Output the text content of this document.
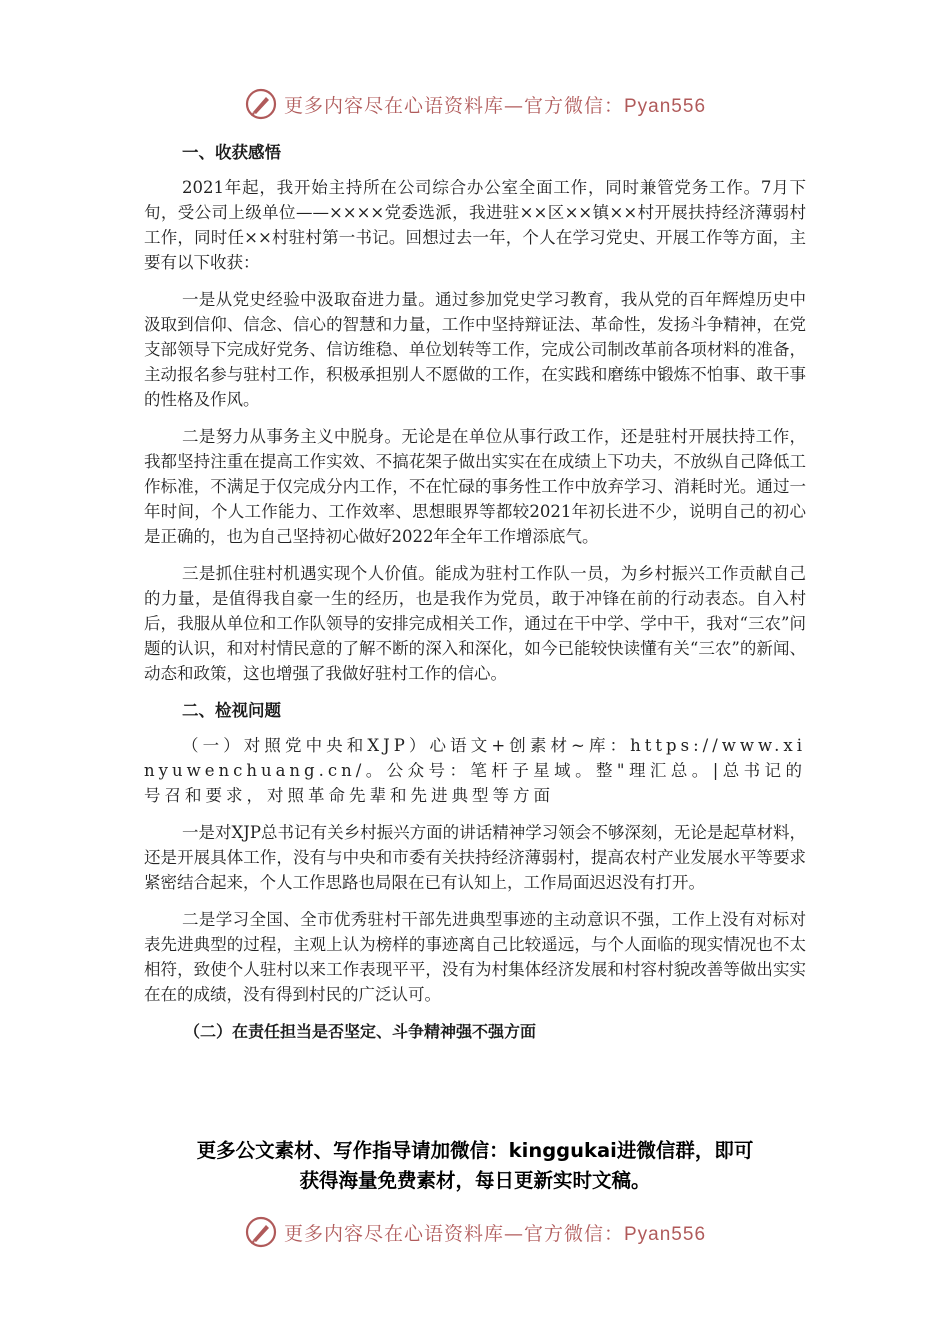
更多内容尽在心语资料库—官方微信：Pyan556

一、收获感悟

2021年起，我开始主持所在公司综合办公室全面工作，同时兼管党务工作。7月下旬，受公司上级单位——××××党委选派，我进驻××区××镇××村开展扶持经济薄弱村工作，同时任××村驻村第一书记。回想过去一年，个人在学习党史、开展工作等方面，主要有以下收获：

一是从党史经验中汲取奋进力量。通过参加党史学习教育，我从党的百年辉煌历史中汲取到信仰、信念、信心的智慧和力量，工作中坚持辩证法、革命性，发扬斗争精神，在党支部领导下完成好党务、信访维稳、单位划转等工作，完成公司制改革前各项材料的准备，主动报名参与驻村工作，积极承担别人不愿做的工作，在实践和磨练中锻炼不怕事、敢干事的性格及作风。

二是努力从事务主义中脱身。无论是在单位从事行政工作，还是驻村开展扶持工作，我都坚持注重在提高工作实效、不搞花架子做出实实在在成绩上下功夫，不放纵自己降低工作标准，不满足于仅完成分内工作，不在忙碌的事务性工作中放弃学习、消耗时光。通过一年时间，个人工作能力、工作效率、思想眼界等都较2021年初长进不少，说明自己的初心是正确的，也为自己坚持初心做好2022年全年工作增添底气。

三是抓住驻村机遇实现个人价值。能成为驻村工作队一员，为乡村振兴工作贡献自己的力量，是值得我自豪一生的经历，也是我作为党员，敢于冲锋在前的行动表态。自入村后，我服从单位和工作队领导的安排完成相关工作，通过在干中学、学中干，我对“三农”问题的认识，和对村情民意的了解不断的深入和深化，如今已能较快读懂有关“三农”的新闻、动态和政策，这也增强了我做好驻村工作的信心。

二、检视问题

（一）对照党中央和XJP）心语文+创素材~库：https://www.xinyuwenchuang.cn/。公众号：笔杆子星域。整"理汇总。|总书记的号召和要求，对照革命先辈和先进典型等方面

一是对XJP总书记有关乡村振兴方面的讲话精神学习领会不够深刻，无论是起草材料，还是开展具体工作，没有与中央和市委有关扶持经济薄弱村，提高农村产业发展水平等要求紧密结合起来，个人工作思路也局限在已有认知上，工作局面迟迟没有打开。

二是学习全国、全市优秀驻村干部先进典型事迹的主动意识不强，工作上没有对标对表先进典型的过程，主观上认为榜样的事迹离自己比较遥远，与个人面临的现实情况也不太相符，致使个人驻村以来工作表现平平，没有为村集体经济发展和村容村貌改善等做出实实在在的成绩，没有得到村民的广泛认可。

（二）在责任担当是否坚定、斗争精神强不强方面

更多公文素材、写作指导请加微信：kinggukai进微信群，即可
获得海量免费素材，每日更新实时文稿。
更多内容尽在心语资料库—官方微信：Pyan556
